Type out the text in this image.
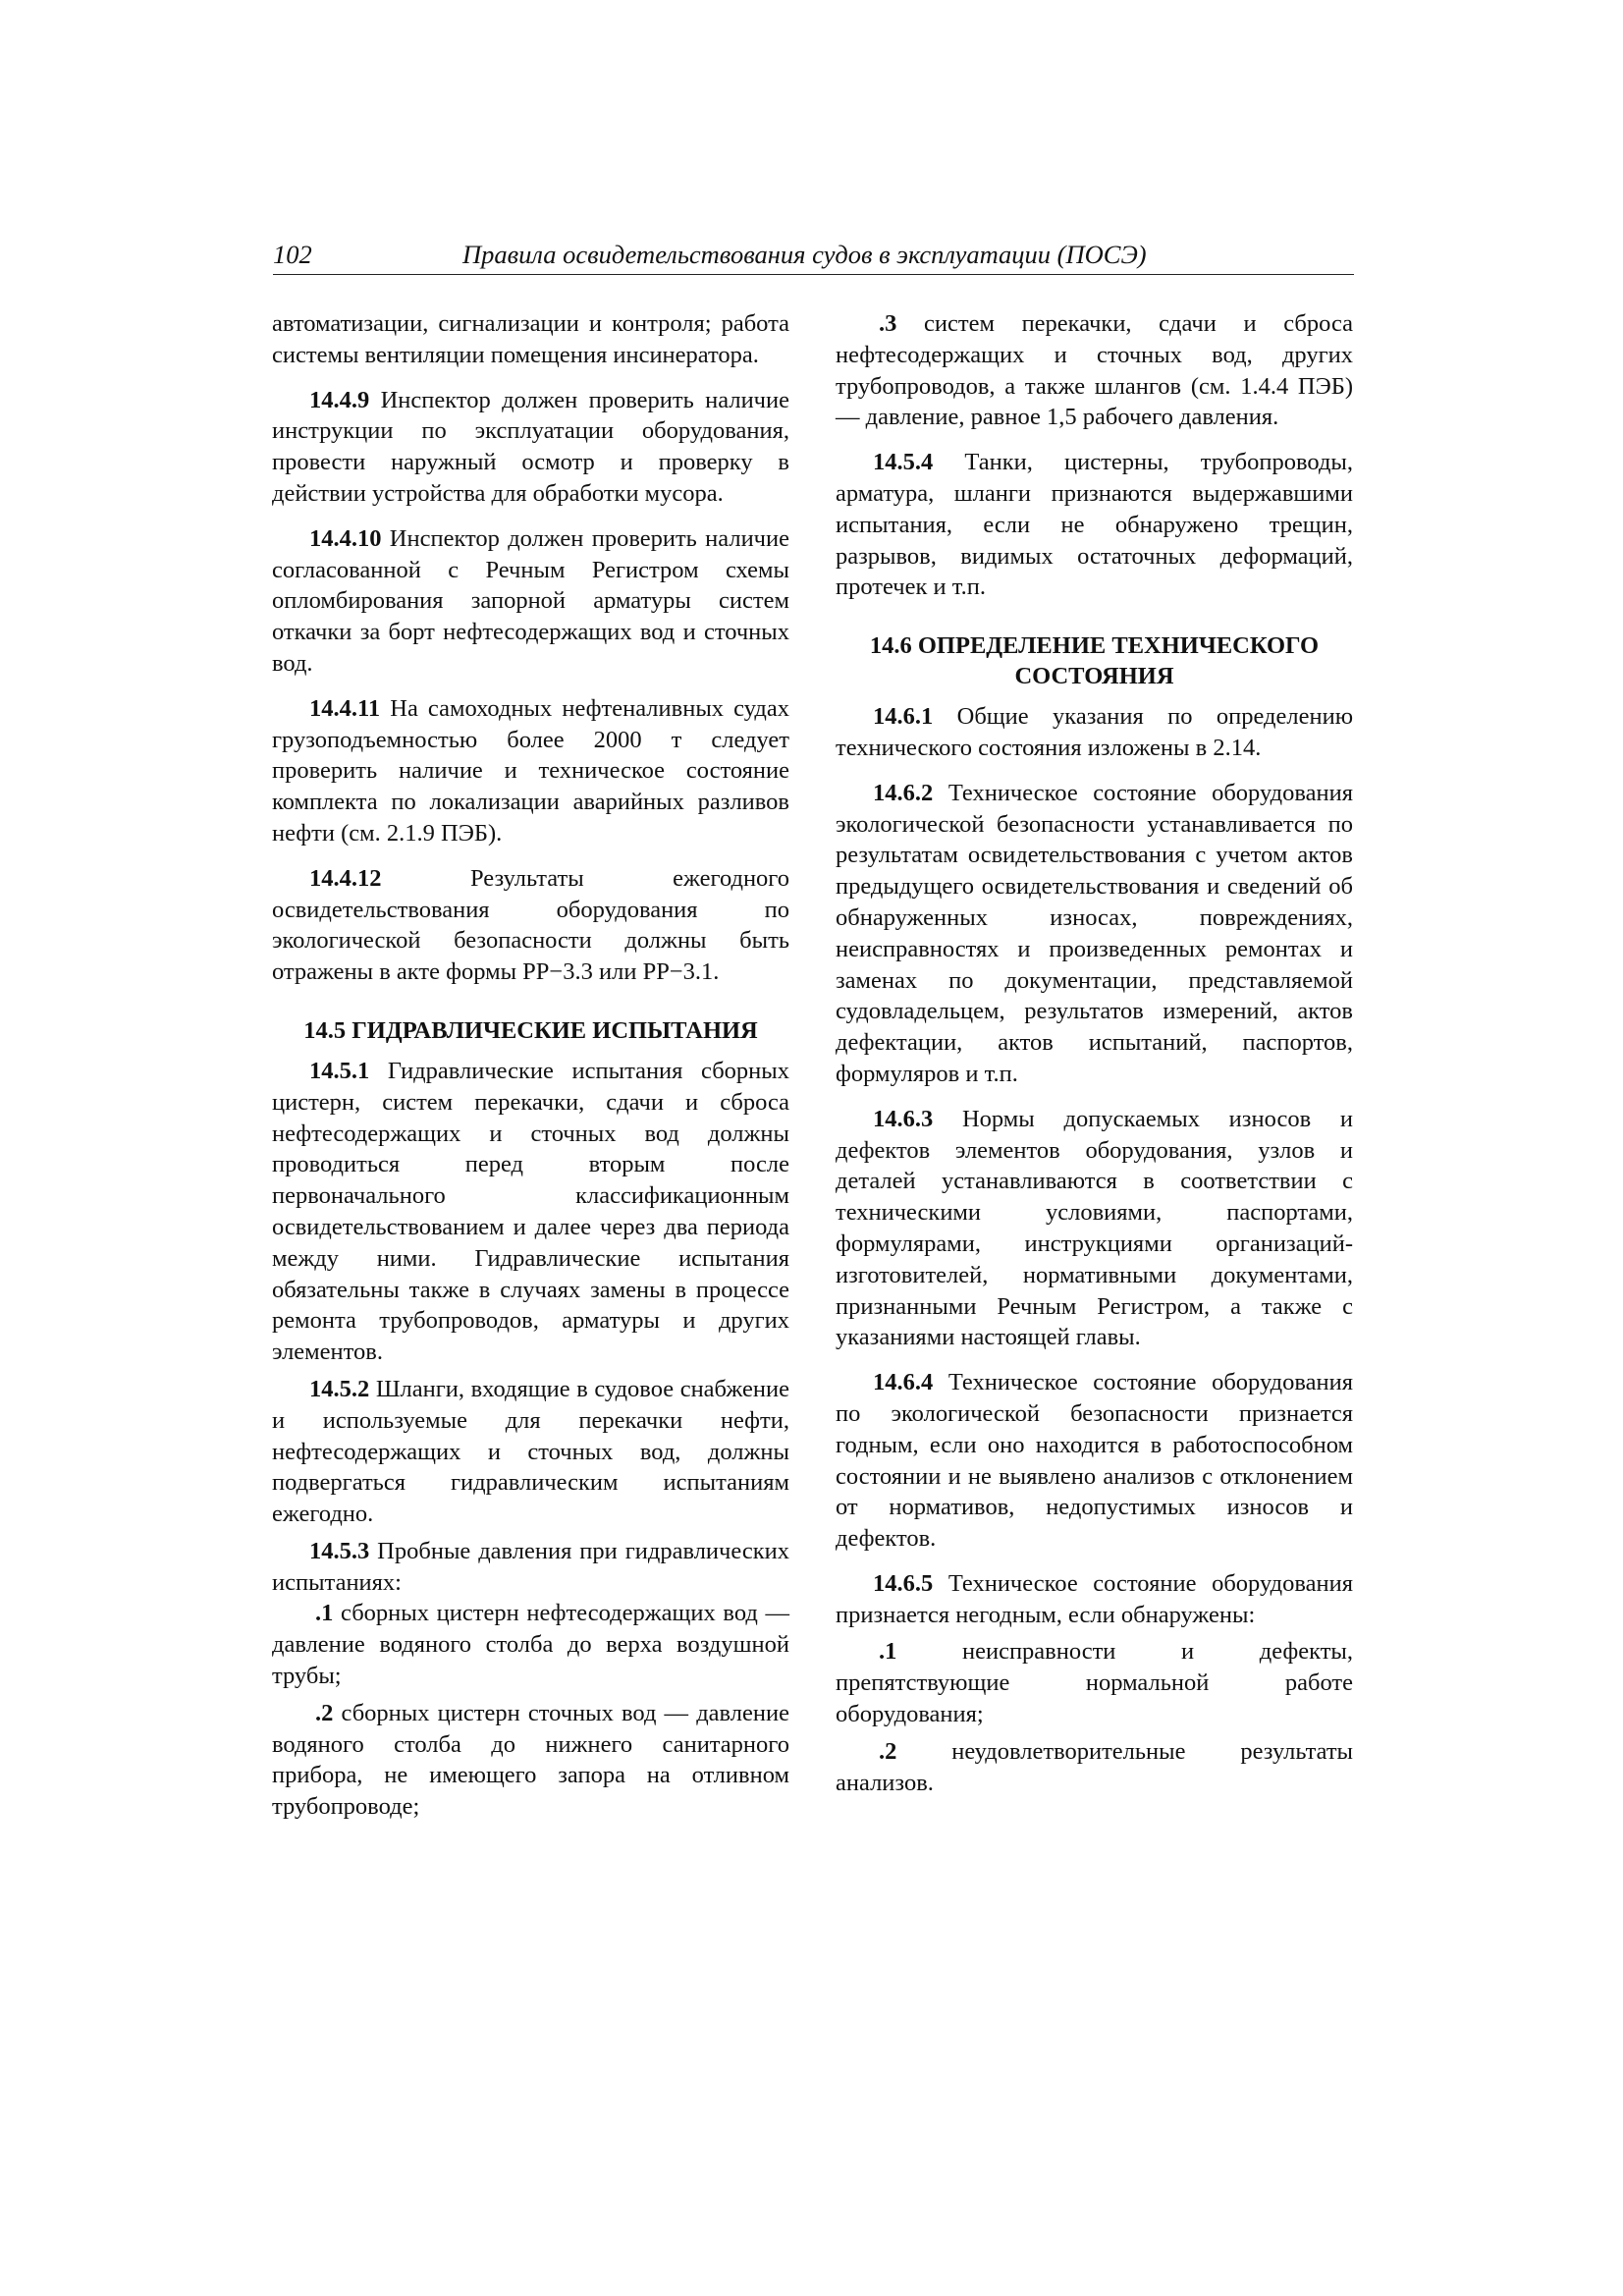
102	Правила освидетельствования судов в эксплуатации (ПОСЭ)

автоматизации, сигнализации и контроля; работа системы вентиляции помещения инсинератора.

14.4.9 Инспектор должен проверить наличие инструкции по эксплуатации оборудования, провести наружный осмотр и проверку в действии устройства для обработки мусора.

14.4.10 Инспектор должен проверить наличие согласованной с Речным Регистром схемы опломбирования запорной арматуры систем откачки за борт нефтесодержащих вод и сточных вод.

14.4.11 На самоходных нефтеналивных судах грузоподъемностью более 2000 т следует проверить наличие и техническое состояние комплекта по локализации аварийных разливов нефти (см. 2.1.9 ПЭБ).

14.4.12 Результаты ежегодного освидетельствования оборудования по экологической безопасности должны быть отражены в акте формы РР−3.3 или РР−3.1.

14.5 ГИДРАВЛИЧЕСКИЕ ИСПЫТАНИЯ

14.5.1 Гидравлические испытания сборных цистерн, систем перекачки, сдачи и сброса нефтесодержащих и сточных вод должны проводиться перед вторым после первоначального классификационным освидетельствованием и далее через два периода между ними. Гидравлические испытания обязательны также в случаях замены в процессе ремонта трубопроводов, арматуры и других элементов.

14.5.2 Шланги, входящие в судовое снабжение и используемые для перекачки нефти, нефтесодержащих и сточных вод, должны подвергаться гидравлическим испытаниям ежегодно.

14.5.3 Пробные давления при гидравлических испытаниях:

.1 сборных цистерн нефтесодержащих вод — давление водяного столба до верха воздушной трубы;

.2 сборных цистерн сточных вод — давление водяного столба до нижнего санитарного прибора, не имеющего запора на отливном трубопроводе;

.3 систем перекачки, сдачи и сброса нефтесодержащих и сточных вод, других трубопроводов, а также шлангов (см. 1.4.4 ПЭБ) — давление, равное 1,5 рабочего давления.

14.5.4 Танки, цистерны, трубопроводы, арматура, шланги признаются выдержавшими испытания, если не обнаружено трещин, разрывов, видимых остаточных деформаций, протечек и т.п.

14.6 ОПРЕДЕЛЕНИЕ ТЕХНИЧЕСКОГО СОСТОЯНИЯ

14.6.1 Общие указания по определению технического состояния изложены в 2.14.

14.6.2 Техническое состояние оборудования экологической безопасности устанавливается по результатам освидетельствования с учетом актов предыдущего освидетельствования и сведений об обнаруженных износах, повреждениях, неисправностях и произведенных ремонтах и заменах по документации, представляемой судовладельцем, результатов измерений, актов дефектации, актов испытаний, паспортов, формуляров и т.п.

14.6.3 Нормы допускаемых износов и дефектов элементов оборудования, узлов и деталей устанавливаются в соответствии с техническими условиями, паспортами, формулярами, инструкциями организаций-изготовителей, нормативными документами, признанными Речным Регистром, а также с указаниями настоящей главы.

14.6.4 Техническое состояние оборудования по экологической безопасности признается годным, если оно находится в работоспособном состоянии и не выявлено анализов с отклонением от нормативов, недопустимых износов и дефектов.

14.6.5 Техническое состояние оборудования признается негодным, если обнаружены:

.1 неисправности и дефекты, препятствующие нормальной работе оборудования;

.2 неудовлетворительные результаты анализов.
